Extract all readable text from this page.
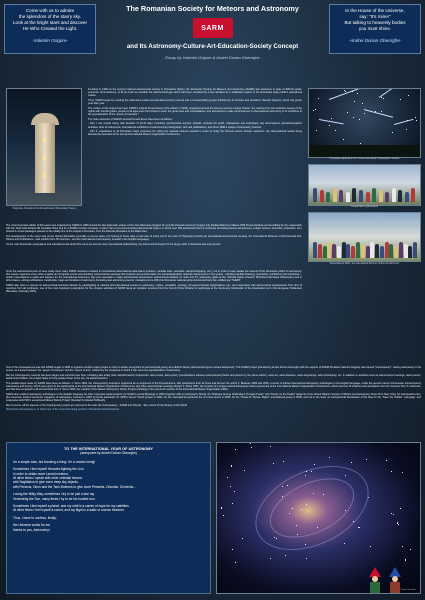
Come with us to admire
the splendors of the starry sky.
Look at the bright stars and discover
He Who Created the Light.
-Valentin Grigore-
The Romanian Society for Meteors and Astronomy
SARM
and Its Astronomy-Culture-Art-Education-Society Concept
- Essay by Valentin Grigore & Andrei Dorian Gheorghe -
In the House of the Universe,
say: "It's mine!"
But talking to heavenly bodies
you must shine.
-Andrei Dorian Gheorghe-
Târgoviște, Romania's first Perseid Event (Observatory Tower)

Founded in 1995 as the second national astronomical society in Romania's history, the Romanian Society for Meteors and Astronomy (SARM) has assumed, in spite of difficult social-economic circumstances, to fill as much as possible the astronomical gap which had been provoked by a few decades by a totalitarian regime in the Romanian large public's educational culture.

Thus, SARM began by creating the astronomy-culture-art-education-society concept and a corresponding project (initiated by its founder and president, Valentin Grigore), which has grown year after year.

The motive of this project has been SARM's original Perseid Event (first edition in 1993), organized around the famous summer meteor shower. So, starting from the seductive beauty of the nights with shooting stars, people of all ages were first invited to learn the great stars and constellations, and afterwards to make performances in observational astronomy or to contribute to the popularization of the "queen of sciences".

The main elements of SARM's annual Perseid Event have been as follows:

- Part I, the central camp, with duration of 10-15 days, including: astronomical summer schools, contests for youth, colloquiums and workshops, sky observations, astrophotographic activities, fairs of instruments, international exhibitions of astronomical photographs, arts and publications, and since 1998 a unique Cosmopoetry Festival;

- Part II, expeditions to all Romanian major provinces for noting the national meteors network in order to study the Perseid meteor shower maximum, the observational results being afterwards presented at the annual International Meteor Organization Conference.

Composite captured at the "Comet Hale-Bopp" photographic session

The most important edition of this event was organized by SARM in 1999 around the last total solar eclipse of the 2nd millennium (August 11) and the Perseid maximum (August 13). Entitled Râmnicu Vâlcea 1999 Perseid Eclipse and benefiting by the cooperation with the Total Solar Eclipse 99 Canadian Sites and by a SARM member overseas, it was in fact a non-monumental cultural-tourist project, in which over 250 participants from 8 continents (including famous astronomers, eclipse hunters, scientists, professors, etc.) shared 3 central packages spaced on the totality line of the eclipse in Romania, from the Retezat Mountains to the Black Sea.

The headquarters of the event was on the Vulcan Mountains (centrally a reserve place, but hosting in those days a real town of tents) and in the town of Târgoviște (hosting an international astronomical meeting, the International Museum of Astronomical Arts, Photos and Publications - with exhibits from 50 countries - and the International Cosmopoetry Festival in the English language).

As the main Romanian newspapers and televisions took about this event (as well as many international publications), the astronomical impact for the large public in Romania was truly special.

Perseid Event participants
Perseid Event 2005 - the International Summer School of Astronomy

From the astronomical point of view, today there many SARM members included in international observational data bases (meteors, variable stars, asteroids, astrophotography, etc.), but in order to keep awake the interest of the Romanian public for astronomy, this society organizes every other (regular and irregular) events and activities: astronomical meetings with students and school pupils, the astrophotographic national contest (once in two years) - including double-drawings, spectacles, exhibitions and workshops -, public presentations in parks and squares for the international Astronomy Day and especially in major astronomical phenomena, astronomical debates on radio and TV, astronomy galas at the "Admiral Vasile Urseanu" Bucharest Municipal Observatory and in other places, editing publications, handbooks, maps and booklets of astronomy (including also astronomy-poems), managing since 2001 the Romanian national astronomical electronic list, entitled just "SARM".

SARM also aims to express its astronomical-humanist attitude by participating at national and international events on astronomy, culture, education, ecology, non-governmental organizations, etc., and cooperates with astronomical organizations from tens of countries from all continents, one of the most important recognitions for the complex activities of SARM being an invitation received from the French Prime Minister to participate at the Centenary Celebration of the Association Loi in the European Parliament (Bruxelles, February 2001).

One of the consequences was that SARM began in 1995 to organize another major project in order to obtain recognition for astronomical poetry as a distinct literary astronomical genre named astropoetry. This SARM project (founded by Andrei Dorian Gheorghe with the support of SARM President Valentin Grigore) was named "Cosmopoetry", having astropoetry in the center, as a fusion between the "queen of sciences" and the "queen of arts", defined by the measures in which it can serve the popularization of astronomy.

But the Cosmopoetry concept has been larger and enriched over time, including also today other astrohumanist components: astro-music, astro-poetry (combinations between astronomical photos and poems by the same author), astro-art, astro-literature, astro-engravings, astro-philosophy, etc. In addition to activities such as astronomical meetings, astro-poems, astronomical fables, the project helps to bring people closer to the sky, via astrohumanism.

The parallel steps made by SARM have been as follows: 1. Since 1996, the Cosmopoetry Festival is organized as a component of the Perseid Event, with participants from all times and all over the world; 2. Between 1996 and 2002, a series of printed international astropoetry anthologies in the English language, under the generic name of Romanian Contemporary Astropoetry and Anomy, which were given to the participants at the International Meteor Organization Conferences and other astronomical meetings abroad; 3. Since 1997, the creation of a unique annual Astropoetry Show (electronic) at the International Meteor Organization Conferences, which has had 15 editions and participants from 16 countries from 5 continents, and has been exposed to all astronomical fora; 4. Since 2003, the creation of the Meteor Astropoetry Poetry Project anthology in the electronic archive of the International Meteor Organization (IMO).

SARM also realized astropoetry anthologies in the English language for other important social projects: for NASA's Leonid Meetings in 2000 (together with an Astropoetry Show), for "Dialogue Among Civilizations Through Poetry" and "Poetry on the Peaks" (projects of the United Nations Society of Writers and Astropoetry Press from New York), for Astropoetics.com, (the American kindred electronic magazine of astropoetry, founded in 2003 by Emily Gasiorek), for 2005's Venus Transit project in 2004, for the international electronic list of comet lovers in 2006, for the "Poets for Human Rights" international group in 2006, and not in the least, an Astropoetical Declaration of the Day for the "Save the Hubble" campaign, and cooperates with IMO's exceptional Meteor Beliefs Project (founded by Alastair McBeath).

But of course, all the aspects of the Cosmopoetry project are mirrored in the web site Cosmopoetry - SARM and Friends - Sky Lovers for the Beauty of the World

http://www.cosmopoetry.ro, in which one of the most interesting section is Romanian Astrohumanism.

TO THE INTERNATIONAL YEAR OF ASTRONOMY
(astropoem by Andrei Dorian Gheorghe)
I'm a simple man, but knowing a thing: I'm a cosmic being!
Sometimes I feel myself Hercules fighting the Lion
in order to obtain more Leonid meteors.
At other times I speak with other celestial heroes:
with Sagittarius to give more deep sky objects,
with Perseus, Orion and the Twin Brothers to give more Perseids, Orionids, Geminids...
Loving the Milky Way, sometimes I try to be just a star ray.
Venerating the Sun, many times I try to be his humble son.
Sometimes I feel myself a planet, and my orbit is a carrier of hope for my satellites.
At other times I feel myself a comet, and my flight is a waltz of cosmic freedom.
Thus, I have to confess, finally:
the Universe works for me
thanks to you, Astronomy!
© Sarm Gheorghe
